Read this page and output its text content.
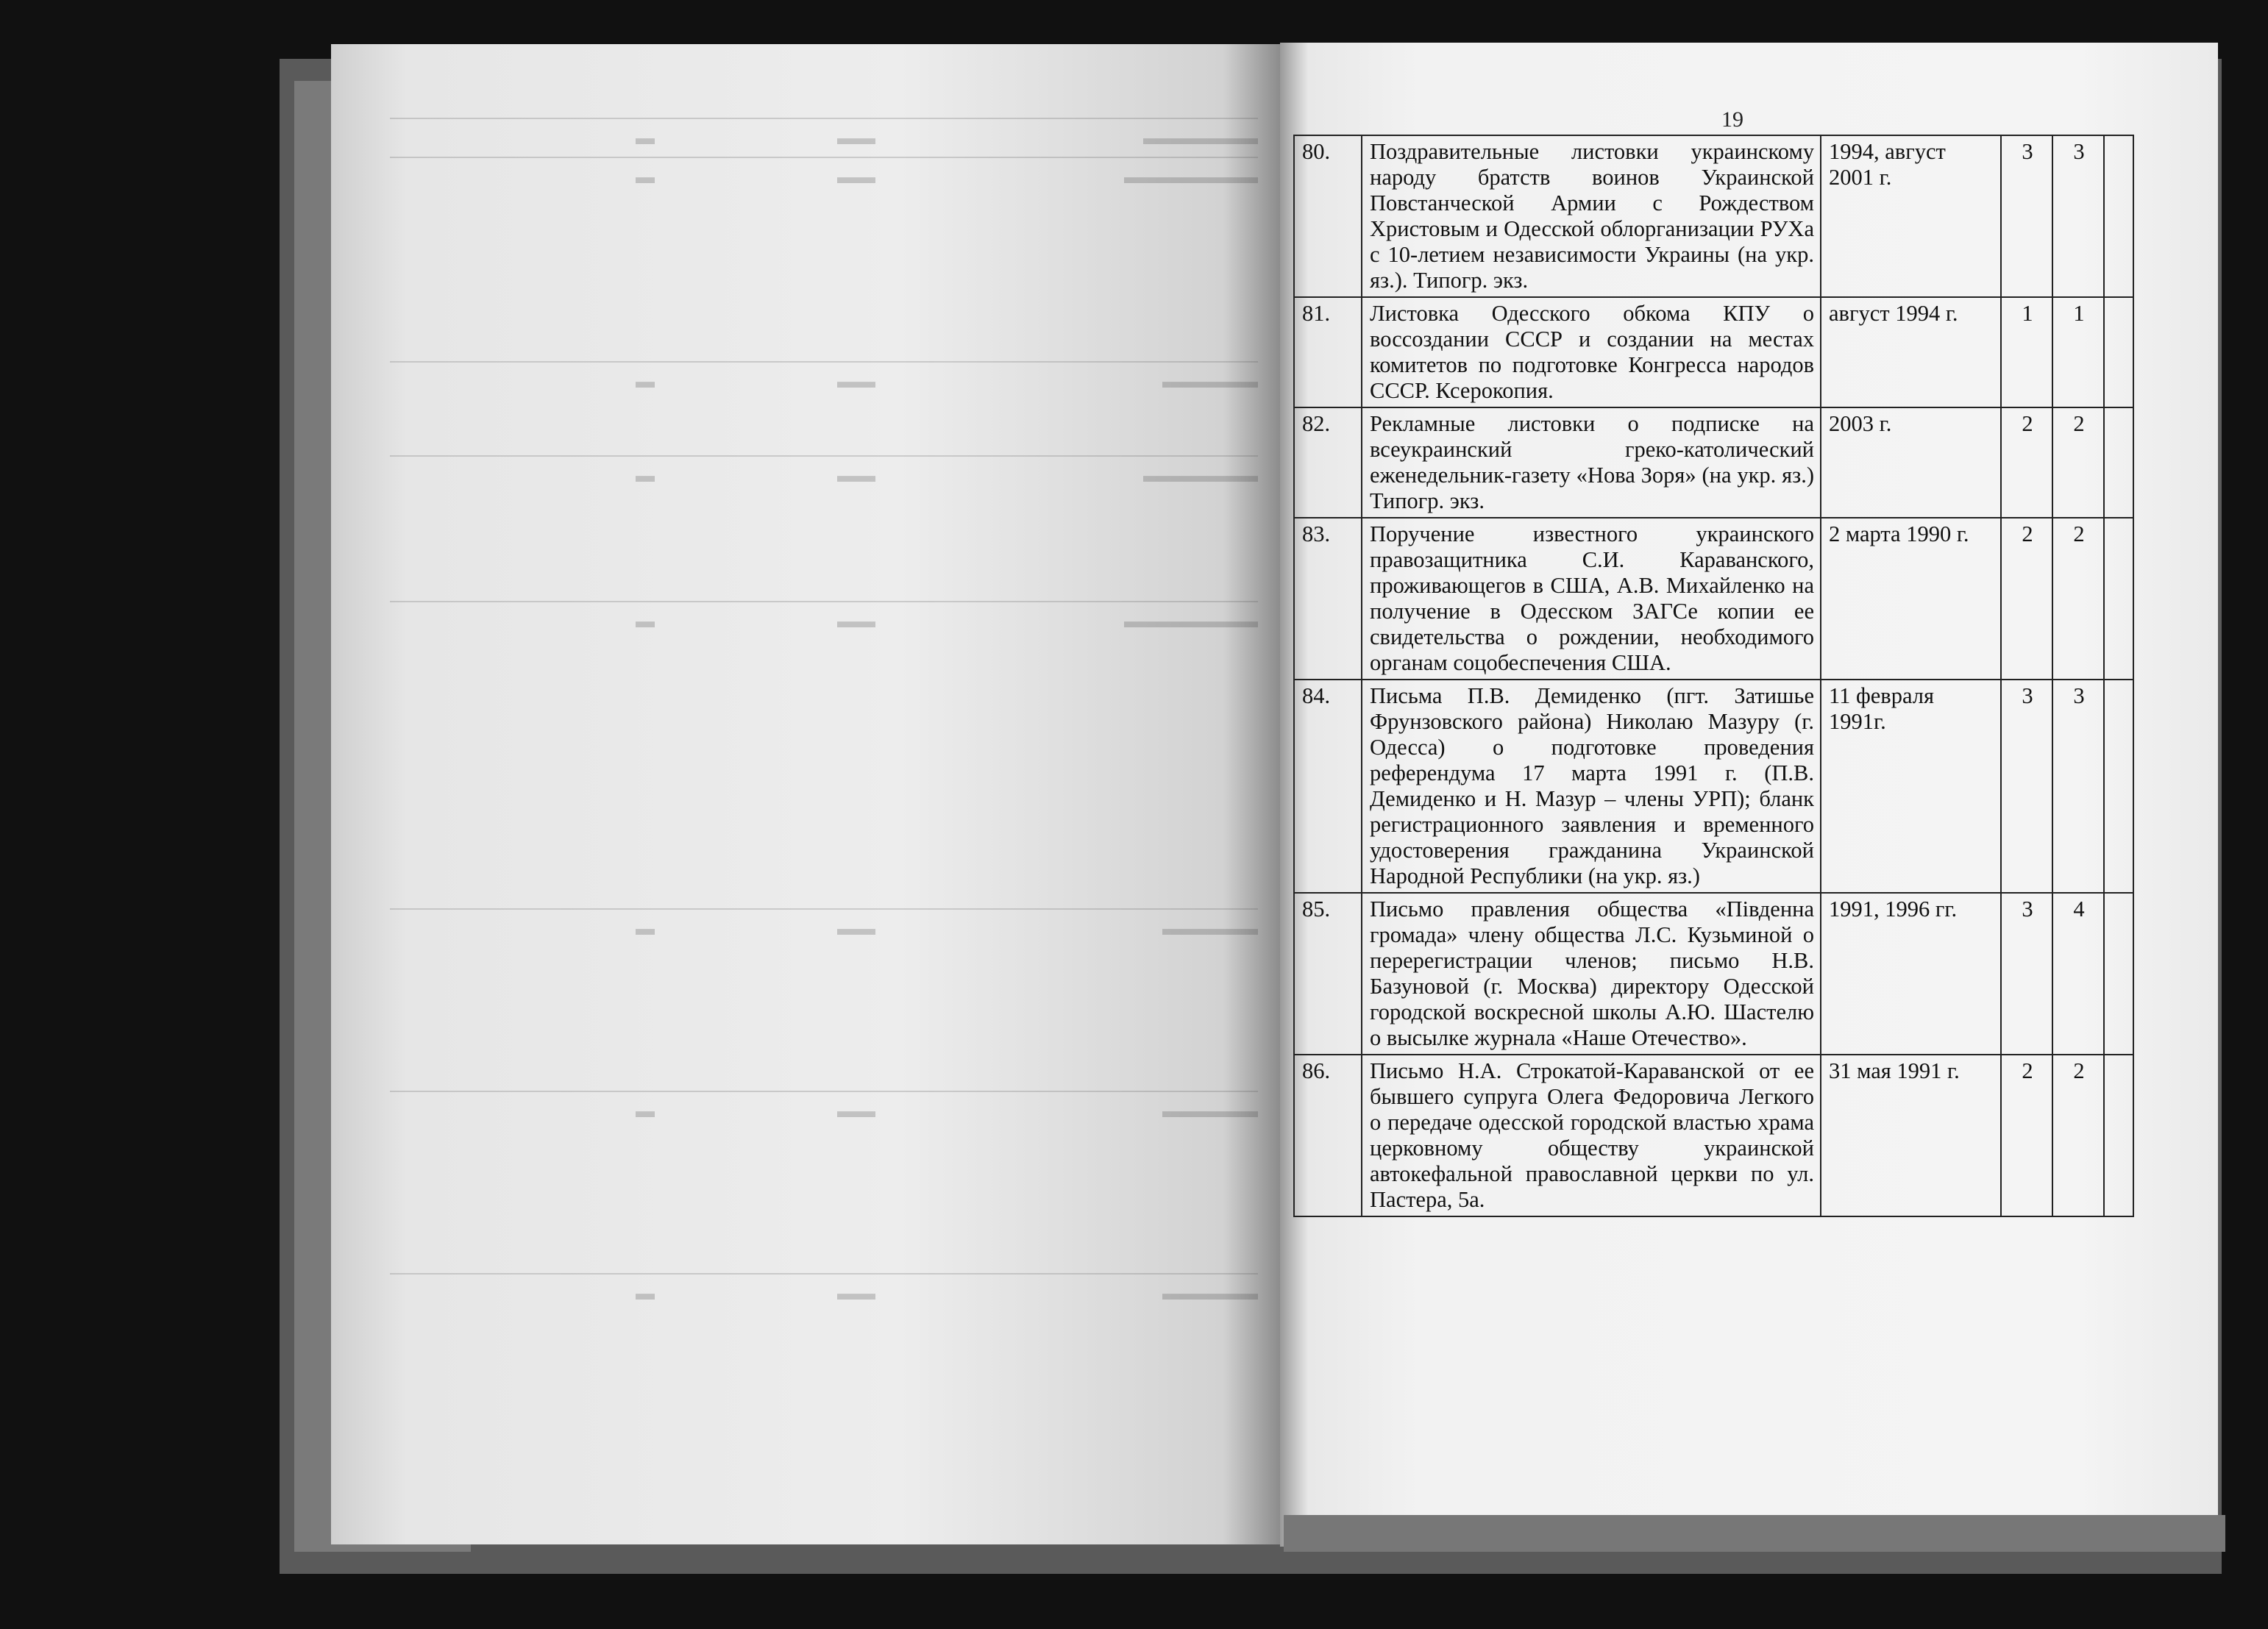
▬▬▬▬▬▬
▬▬
▬
▬▬▬▬▬▬▬
▬▬
▬
▬▬▬▬▬
▬▬
▬
▬▬▬▬▬▬
▬▬
▬
▬▬▬▬▬▬▬
▬▬
▬
▬▬▬▬▬
▬▬
▬
▬▬▬▬▬
▬▬
▬
▬▬▬▬▬
▬▬
▬
19
80.	Поздравительные листовки украинскому народу братств воинов Украинской Повстанческой Армии с Рождеством Христовым и Одесской облорганизации РУХа с 10-летием независимости Украины (на укр. яз.). Типогр. экз.	1994, август 2001 г.	3	3	
81.	Листовка Одесского обкома КПУ о воссоздании СССР и создании на местах комитетов по подготовке Конгресса народов СССР. Ксерокопия.	август 1994 г.	1	1	
82.	Рекламные листовки о подписке на всеукраинский греко-католический еженедельник-газету «Нова Зоря» (на укр. яз.) Типогр. экз.	2003 г.	2	2	
83.	Поручение известного украинского правозащитника С.И. Караванского, проживающегов в США, А.В. Михайленко на получение в Одесском ЗАГСе копии ее свидетельства о рождении, необходимого органам соцобеспечения США.	2 марта 1990 г.	2	2	
84.	Письма П.В. Демиденко (пгт. Затишье Фрунзовского района) Николаю Мазуру (г. Одесса) о подготовке проведения референдума 17 марта 1991 г. (П.В. Демиденко и Н. Мазур – члены УРП); бланк регистрационного заявления и временного удостоверения гражданина Украинской Народной Республики (на укр. яз.)	11 февраля 1991г.	3	3	
85.	Письмо правления общества «Південна громада» члену общества Л.С. Кузьминой о перерегистрации членов; письмо Н.В. Базуновой (г. Москва) директору Одесской городской воскресной школы А.Ю. Шастелю о высылке журнала «Наше Отечество».	1991, 1996 гг.	3	4	
86.	Письмо Н.А. Строкатой-Караванской от ее бывшего супруга Олега Федоровича Легкого о передаче одесской городской властью храма церковному обществу украинской автокефальной православной церкви по ул. Пастера, 5а.	31 мая 1991 г.	2	2	
